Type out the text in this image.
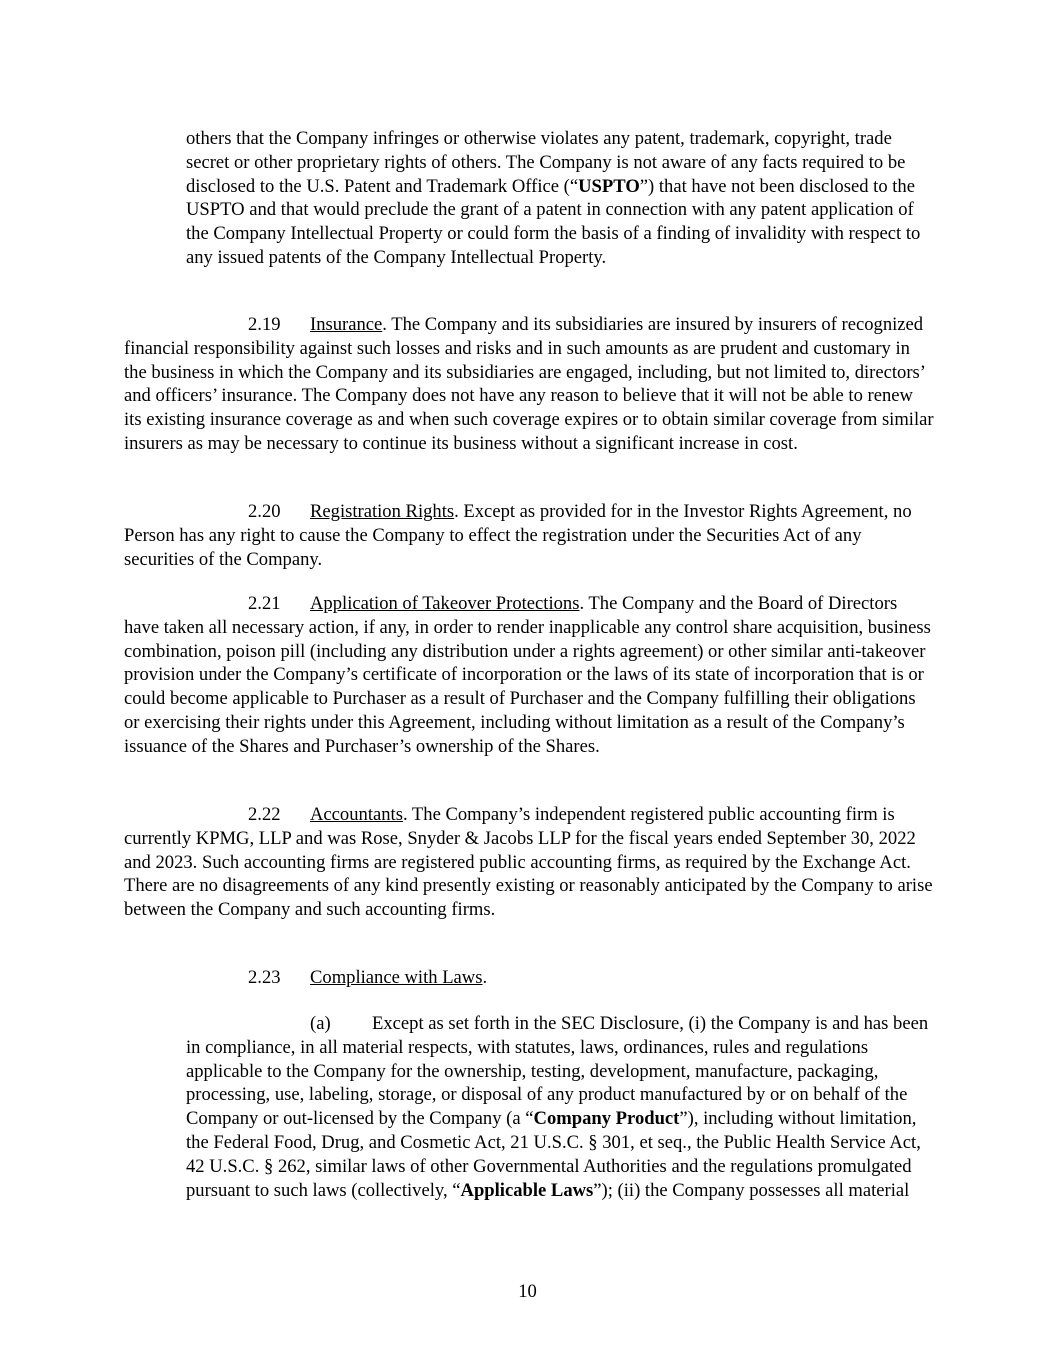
others that the Company infringes or otherwise violates any patent, trademark, copyright, trade secret or other proprietary rights of others. The Company is not aware of any facts required to be disclosed to the U.S. Patent and Trademark Office (“USPTO”) that have not been disclosed to the USPTO and that would preclude the grant of a patent in connection with any patent application of the Company Intellectual Property or could form the basis of a finding of invalidity with respect to any issued patents of the Company Intellectual Property.

2.19 Insurance. The Company and its subsidiaries are insured by insurers of recognized financial responsibility against such losses and risks and in such amounts as are prudent and customary in the business in which the Company and its subsidiaries are engaged, including, but not limited to, directors’ and officers’ insurance. The Company does not have any reason to believe that it will not be able to renew its existing insurance coverage as and when such coverage expires or to obtain similar coverage from similar insurers as may be necessary to continue its business without a significant increase in cost.

2.20 Registration Rights. Except as provided for in the Investor Rights Agreement, no Person has any right to cause the Company to effect the registration under the Securities Act of any securities of the Company.

2.21 Application of Takeover Protections. The Company and the Board of Directors have taken all necessary action, if any, in order to render inapplicable any control share acquisition, business combination, poison pill (including any distribution under a rights agreement) or other similar anti-takeover provision under the Company’s certificate of incorporation or the laws of its state of incorporation that is or could become applicable to Purchaser as a result of Purchaser and the Company fulfilling their obligations or exercising their rights under this Agreement, including without limitation as a result of the Company’s issuance of the Shares and Purchaser’s ownership of the Shares.

2.22 Accountants. The Company’s independent registered public accounting firm is currently KPMG, LLP and was Rose, Snyder & Jacobs LLP for the fiscal years ended September 30, 2022 and 2023. Such accounting firms are registered public accounting firms, as required by the Exchange Act. There are no disagreements of any kind presently existing or reasonably anticipated by the Company to arise between the Company and such accounting firms.

2.23 Compliance with Laws.

(a) Except as set forth in the SEC Disclosure, (i) the Company is and has been in compliance, in all material respects, with statutes, laws, ordinances, rules and regulations applicable to the Company for the ownership, testing, development, manufacture, packaging, processing, use, labeling, storage, or disposal of any product manufactured by or on behalf of the Company or out-licensed by the Company (a “Company Product”), including without limitation, the Federal Food, Drug, and Cosmetic Act, 21 U.S.C. § 301, et seq., the Public Health Service Act, 42 U.S.C. § 262, similar laws of other Governmental Authorities and the regulations promulgated pursuant to such laws (collectively, “Applicable Laws”); (ii) the Company possesses all material

10
